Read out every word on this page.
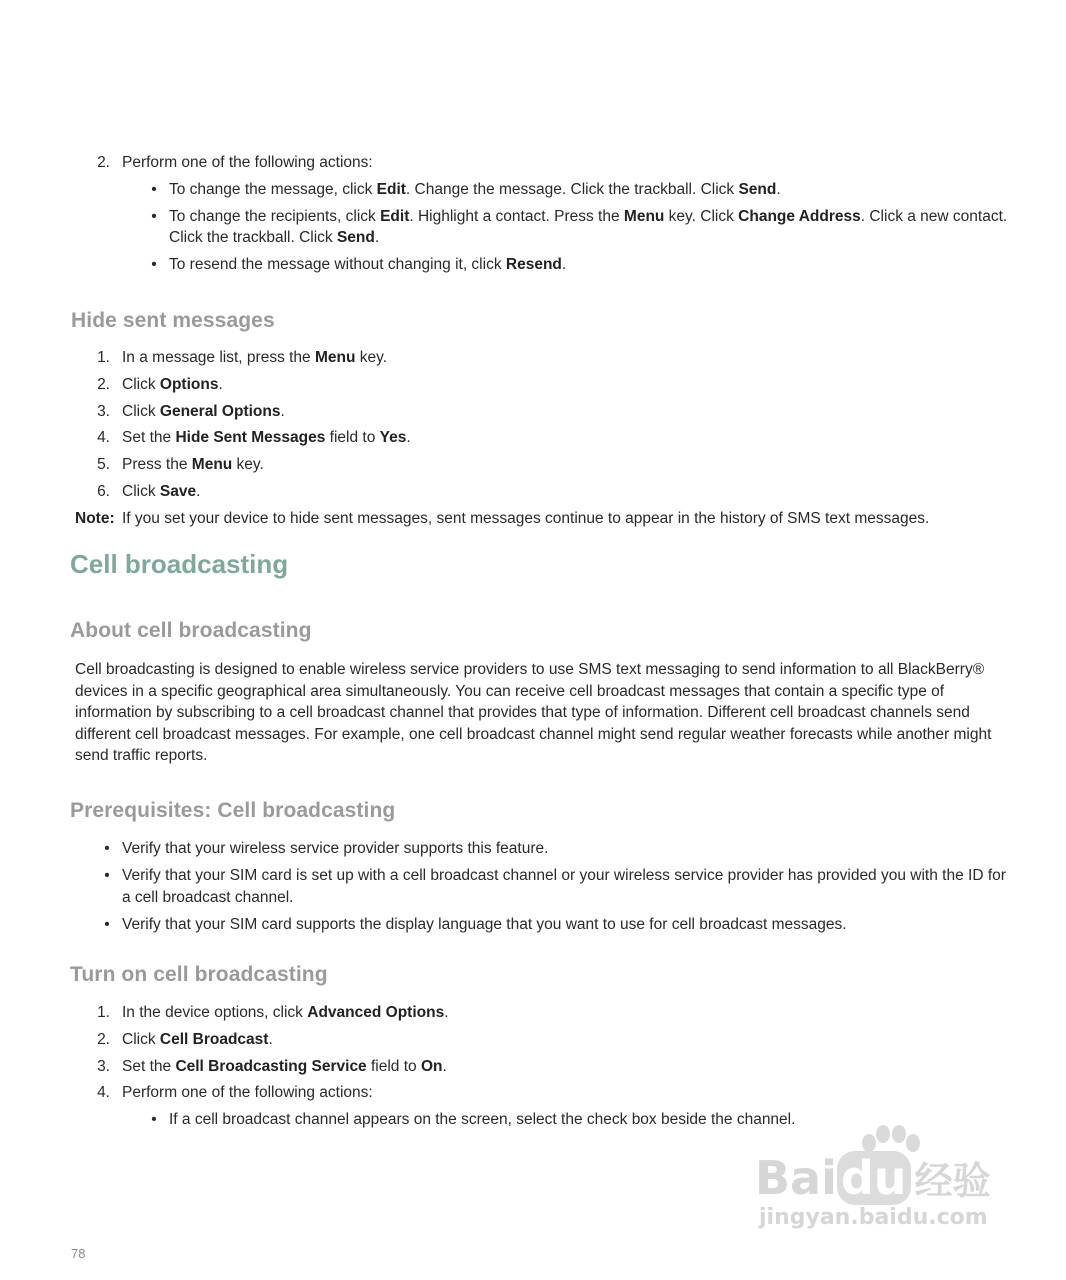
2. Perform one of the following actions:
• To change the message, click Edit. Change the message. Click the trackball. Click Send.
• To change the recipients, click Edit. Highlight a contact. Press the Menu key. Click Change Address. Click a new contact.
Click the trackball. Click Send.
• To resend the message without changing it, click Resend.
Hide sent messages
1. In a message list, press the Menu key.
2. Click Options.
3. Click General Options.
4. Set the Hide Sent Messages field to Yes.
5. Press the Menu key.
6. Click Save.
Note: If you set your device to hide sent messages, sent messages continue to appear in the history of SMS text messages.
Cell broadcasting
About cell broadcasting
Cell broadcasting is designed to enable wireless service providers to use SMS text messaging to send information to all BlackBerry® devices in a specific geographical area simultaneously. You can receive cell broadcast messages that contain a specific type of information by subscribing to a cell broadcast channel that provides that type of information. Different cell broadcast channels send different cell broadcast messages. For example, one cell broadcast channel might send regular weather forecasts while another might send traffic reports.
Prerequisites: Cell broadcasting
• Verify that your wireless service provider supports this feature.
• Verify that your SIM card is set up with a cell broadcast channel or your wireless service provider has provided you with the ID for
a cell broadcast channel.
• Verify that your SIM card supports the display language that you want to use for cell broadcast messages.
Turn on cell broadcasting
1. In the device options, click Advanced Options.
2. Click Cell Broadcast.
3. Set the Cell Broadcasting Service field to On.
4. Perform one of the following actions:
• If a cell broadcast channel appears on the screen, select the check box beside the channel.
Baidu 经验
jingyan.baidu.com
78
